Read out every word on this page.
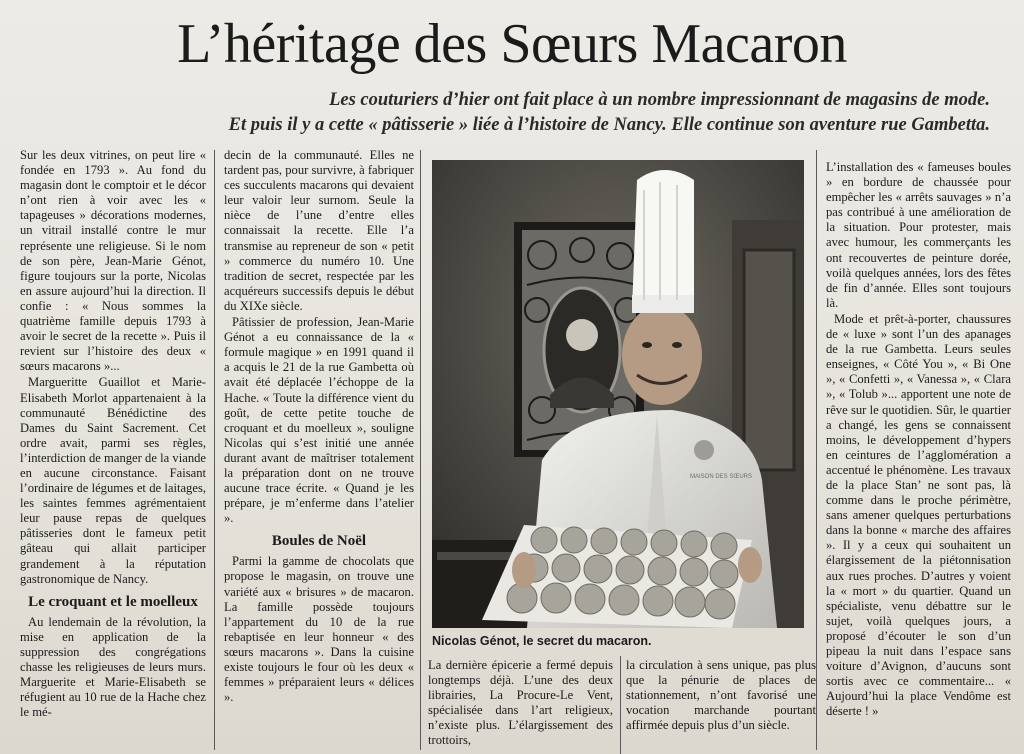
L’héritage des Sœurs Macaron
Les couturiers d’hier ont fait place à un nombre impressionnant de magasins de mode.
Et puis il y a cette « pâtisserie » liée à l’histoire de Nancy. Elle continue son aventure rue Gambetta.

Sur les deux vitrines, on peut lire « fondée en 1793 ». Au fond du magasin dont le comptoir et le décor n’ont rien à voir avec les « tapageuses » décorations modernes, un vitrail installé contre le mur représente une religieuse. Si le nom de son père, Jean-Marie Génot, figure toujours sur la porte, Nicolas en assure aujourd’hui la direction. Il confie : « Nous sommes la quatrième famille depuis 1793 à avoir le secret de la recette ». Puis il revient sur l’histoire des deux « sœurs macarons »...

Margueritte Guaillot et Marie-Elisabeth Morlot appartenaient à la communauté Bénédictine des Dames du Saint Sacrement. Cet ordre avait, parmi ses règles, l’interdiction de manger de la viande en aucune circonstance. Faisant l’ordinaire de légumes et de laitages, les saintes femmes agrémentaient leur pause repas de quelques pâtisseries dont le fameux petit gâteau qui allait participer grandement à la réputation gastronomique de Nancy.

Le croquant et le moelleux

Au lendemain de la révolution, la mise en application de la suppression des congrégations chasse les religieuses de leurs murs. Marguerite et Marie-Elisabeth se réfugient au 10 rue de la Hache chez le mé-

decin de la communauté. Elles ne tardent pas, pour survivre, à fabriquer ces succulents macarons qui devaient leur valoir leur surnom. Seule la nièce de l’une d’entre elles connaissait la recette. Elle l’a transmise au repreneur de son « petit » commerce du numéro 10. Une tradition de secret, respectée par les acquéreurs successifs depuis le début du XIXe siècle.

Pâtissier de profession, Jean-Marie Génot a eu connaissance de la « formule magique » en 1991 quand il a acquis le 21 de la rue Gambetta où avait été déplacée l’échoppe de la Hache. « Toute la différence vient du goût, de cette petite touche de croquant et du moelleux », souligne Nicolas qui s’est initié une année durant avant de maîtriser totalement la préparation dont on ne trouve aucune trace écrite. « Quand je les prépare, je m’enferme dans l’atelier ».

Boules de Noël

Parmi la gamme de chocolats que propose le magasin, on trouve une variété aux « brisures » de macaron. La famille possède toujours l’appartement du 10 de la rue rebaptisée en leur honneur « des sœurs macarons ». Dans la cuisine existe toujours le four où les deux « femmes » préparaient leurs « délices ».

MAISON DES SŒURS
Nicolas Génot, le secret du macaron.

L’installation des « fameuses boules » en bordure de chaussée pour empêcher les « arrêts sauvages » n’a pas contribué à une amélioration de la situation. Pour protester, mais avec humour, les commerçants les ont recouvertes de peinture dorée, voilà quelques années, lors des fêtes de fin d’année. Elles sont toujours là.

Mode et prêt-à-porter, chaussures de « luxe » sont l’un des apanages de la rue Gambetta. Leurs seules enseignes, « Côté You », « Bi One », « Confetti », « Vanessa », « Clara », « Tolub »... apportent une note de rêve sur le quotidien. Sûr, le quartier a changé, les gens se connaissent moins, le développement d’hypers en ceintures de l’agglomération a accentué le phénomène. Les travaux de la place Stan’ ne sont pas, là comme dans le proche périmètre, sans amener quelques perturbations dans la bonne « marche des affaires ». Il y a ceux qui souhaitent un élargissement de la piétonnisation aux rues proches. D’autres y voient la « mort » du quartier. Quand un spécialiste, venu débattre sur le sujet, voilà quelques jours, a proposé d’écouter le son d’un pipeau la nuit dans l’espace sans voiture d’Avignon, d’aucuns sont sortis avec ce commentaire... « Aujourd’hui la place Vendôme est déserte ! »

La dernière épicerie a fermé depuis longtemps déjà. L’une des deux librairies, La Procure-Le Vent, spécialisée dans l’art religieux, n’existe plus. L’élargissement des trottoirs,

la circulation à sens unique, pas plus que la pénurie de places de stationnement, n’ont favorisé une vocation marchande pourtant affirmée depuis plus d’un siècle.
